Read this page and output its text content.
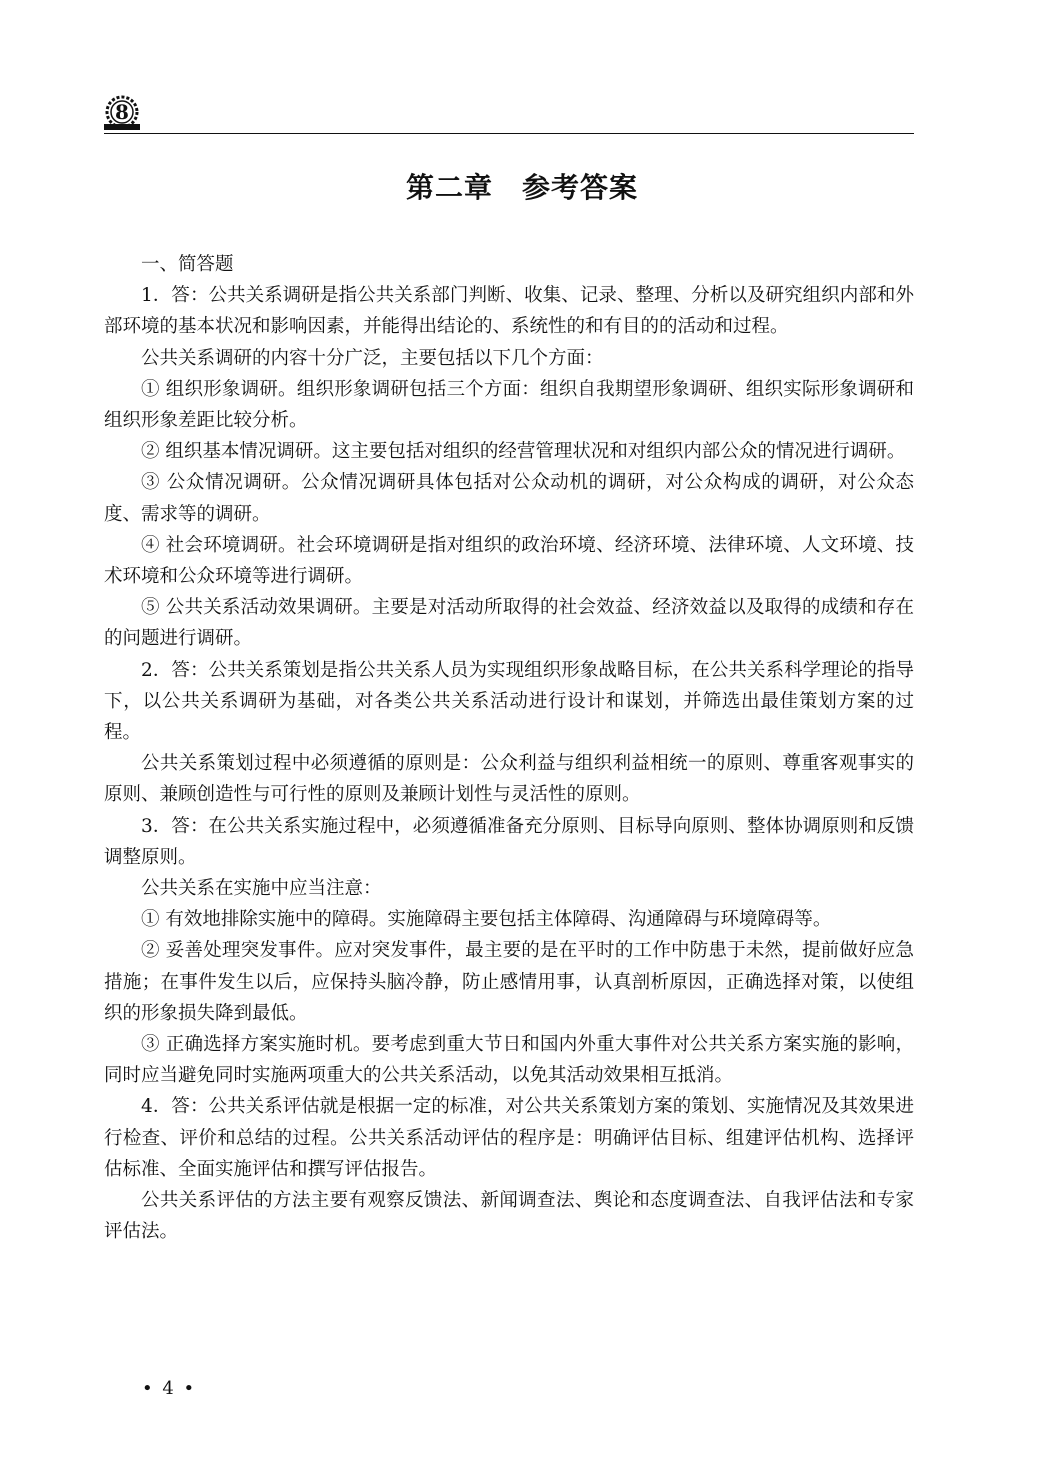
8
第二章　参考答案

一、简答题

1．答：公共关系调研是指公共关系部门判断、收集、记录、整理、分析以及研究组织内部和外部环境的基本状况和影响因素，并能得出结论的、系统性的和有目的的活动和过程。

公共关系调研的内容十分广泛，主要包括以下几个方面：

① 组织形象调研。组织形象调研包括三个方面：组织自我期望形象调研、组织实际形象调研和组织形象差距比较分析。

② 组织基本情况调研。这主要包括对组织的经营管理状况和对组织内部公众的情况进行调研。

③ 公众情况调研。公众情况调研具体包括对公众动机的调研，对公众构成的调研，对公众态度、需求等的调研。

④ 社会环境调研。社会环境调研是指对组织的政治环境、经济环境、法律环境、人文环境、技术环境和公众环境等进行调研。

⑤ 公共关系活动效果调研。主要是对活动所取得的社会效益、经济效益以及取得的成绩和存在的问题进行调研。

2．答：公共关系策划是指公共关系人员为实现组织形象战略目标，在公共关系科学理论的指导下，以公共关系调研为基础，对各类公共关系活动进行设计和谋划，并筛选出最佳策划方案的过程。

公共关系策划过程中必须遵循的原则是：公众利益与组织利益相统一的原则、尊重客观事实的原则、兼顾创造性与可行性的原则及兼顾计划性与灵活性的原则。

3．答：在公共关系实施过程中，必须遵循准备充分原则、目标导向原则、整体协调原则和反馈调整原则。

公共关系在实施中应当注意：

① 有效地排除实施中的障碍。实施障碍主要包括主体障碍、沟通障碍与环境障碍等。

② 妥善处理突发事件。应对突发事件，最主要的是在平时的工作中防患于未然，提前做好应急措施；在事件发生以后，应保持头脑冷静，防止感情用事，认真剖析原因，正确选择对策，以使组织的形象损失降到最低。

③ 正确选择方案实施时机。要考虑到重大节日和国内外重大事件对公共关系方案实施的影响，同时应当避免同时实施两项重大的公共关系活动，以免其活动效果相互抵消。

4．答：公共关系评估就是根据一定的标准，对公共关系策划方案的策划、实施情况及其效果进行检查、评价和总结的过程。公共关系活动评估的程序是：明确评估目标、组建评估机构、选择评估标准、全面实施评估和撰写评估报告。

公共关系评估的方法主要有观察反馈法、新闻调查法、舆论和态度调查法、自我评估法和专家评估法。

• 4 •
